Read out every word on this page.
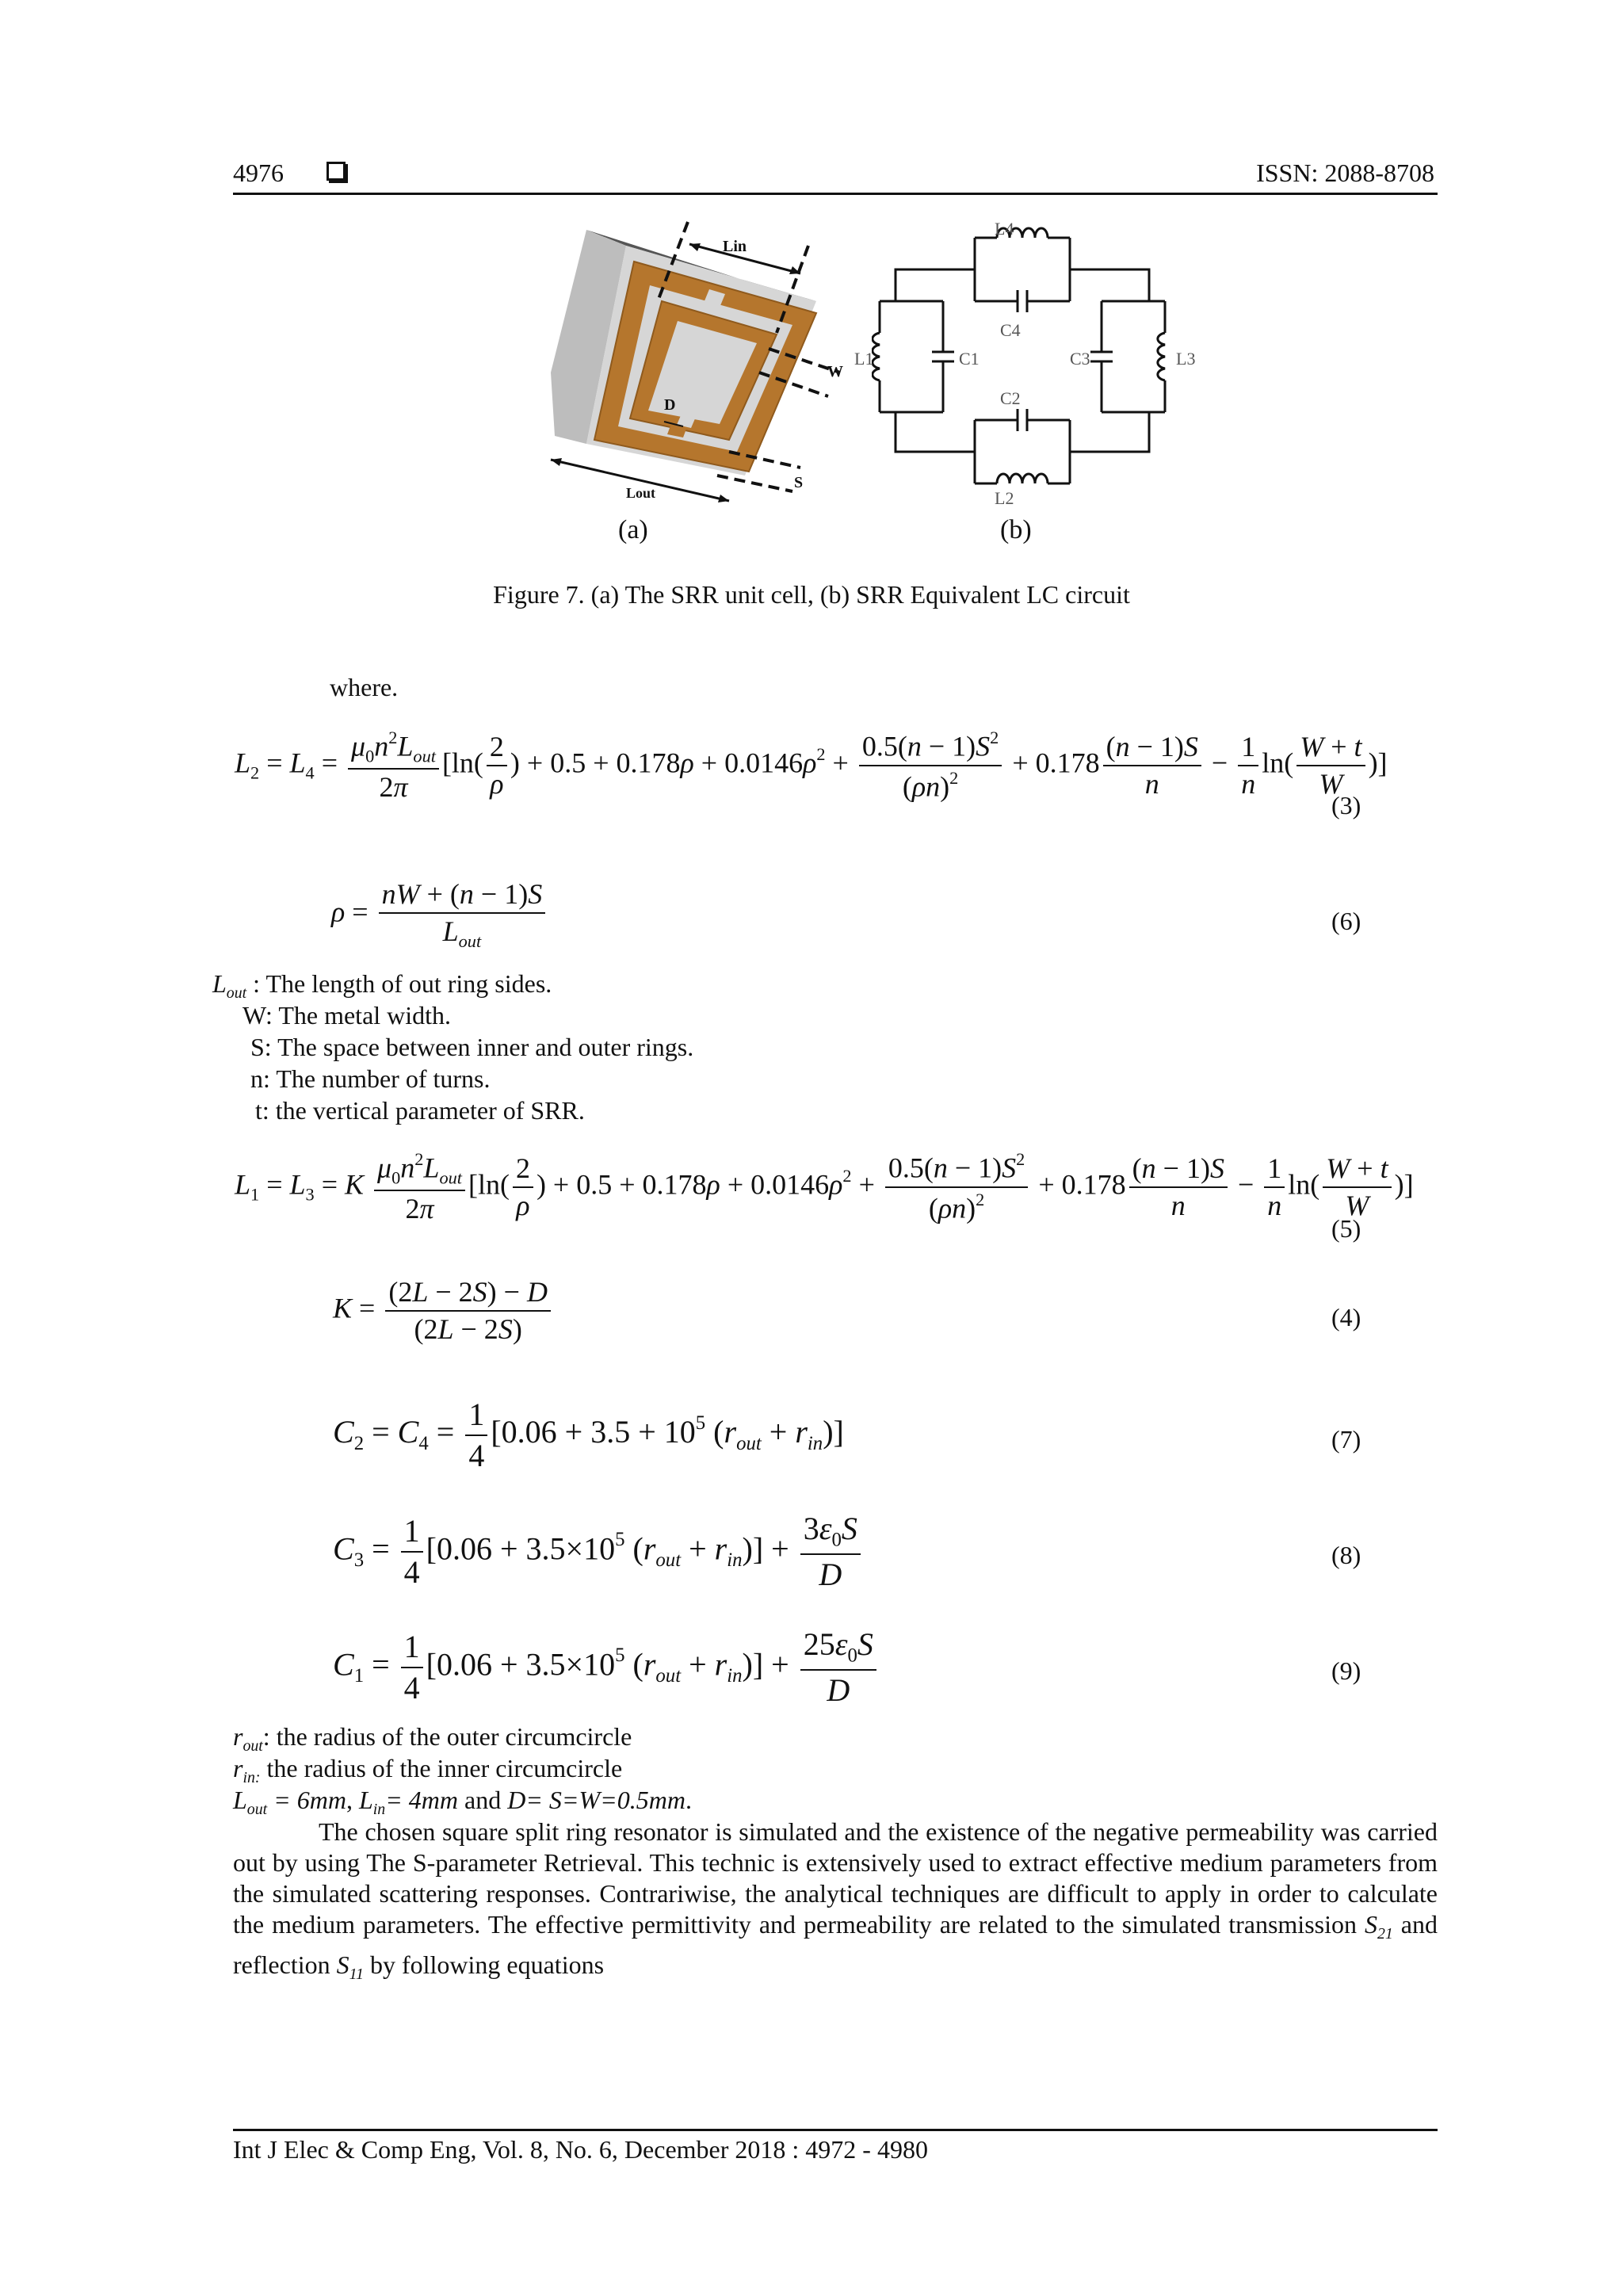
4976	ISSN: 2088-8708
Lin
W
D
S
Lout
(a)
L4
C4
L1	C1	C3	L3
C2
L2
(b)
Figure 7. (a) The SRR unit cell, (b) SRR Equivalent LC circuit
where.
$L_2 = L_4 = \frac{\mu_0n^2L_{out}}{2\pi} [\ln( \frac{2}{\rho}$ ) + $0.5 + 0.178\rho + 0.0146\rho^2 + \frac{0.5(n - 1)S^2}{(\rho n)^2} + 0.178 \frac{(n - 1)S}{n} - \frac{1}{n} \ln( \frac{W + t}{W}$ )]
(3)
$\rho = \frac{nW + (n - 1)S}{L_{out}}$	(6)
$L_{out}$ : The length of out ring sides.
W: The metal width.
S: The space between inner and outer rings.
n: The number of turns.
t: the vertical parameter of SRR.
$L_1 = L_3 = K \frac{\mu_0n^2L_{out}}{2\pi} [\ln( \frac{2}{\rho}$ ) + $0.5 + 0.178\rho + 0.0146\rho^2 + \frac{0.5(n - 1)S^2}{(\rho n)^2} + 0.178 \frac{(n - 1)S}{n} - \frac{1}{n} \ln( \frac{W + t}{W}$ )]
(5)
$K = \frac{(2L - 2S) - D}{(2L - 2S)}$	(4)
$C_2 = C_4 = \frac{1}{4} [0.06 + 3.5 + 10^5$ $(r_{out} + r_{in})$]	(7)
$C_3 = \frac{1}{4} [0.06 + 3.5\times 10^5$ $(r_{out} + r_{in})] + \frac{3\varepsilon_0S}{D}$	(8)
$C_1 = \frac{1}{4} [0.06 + 3.5\times 10^5$ $(r_{out} + r_{in})] + \frac{25\varepsilon_0S}{D}$	(9)
$r_{out}$: the radius of the outer circumcircle
$r_{in:}$ the radius of the inner circumcircle
$L_{out} = 6mm$, $L_{in}= 4mm$ and D= S=W=0.5mm.
The chosen square split ring resonator is simulated and the existence of the negative permeability was carried out by using The S-parameter Retrieval. This technic is extensively used to extract effective medium parameters from the simulated scattering responses. Contrariwise, the analytical techniques are difficult to apply in order to calculate the medium parameters. The effective permittivity and permeability are related to the simulated transmission $S_{21}$ and reflection $S_{11}$ by following equations
Int J Elec & Comp Eng, Vol. 8, No. 6, December 2018 : 4972 - 4980
